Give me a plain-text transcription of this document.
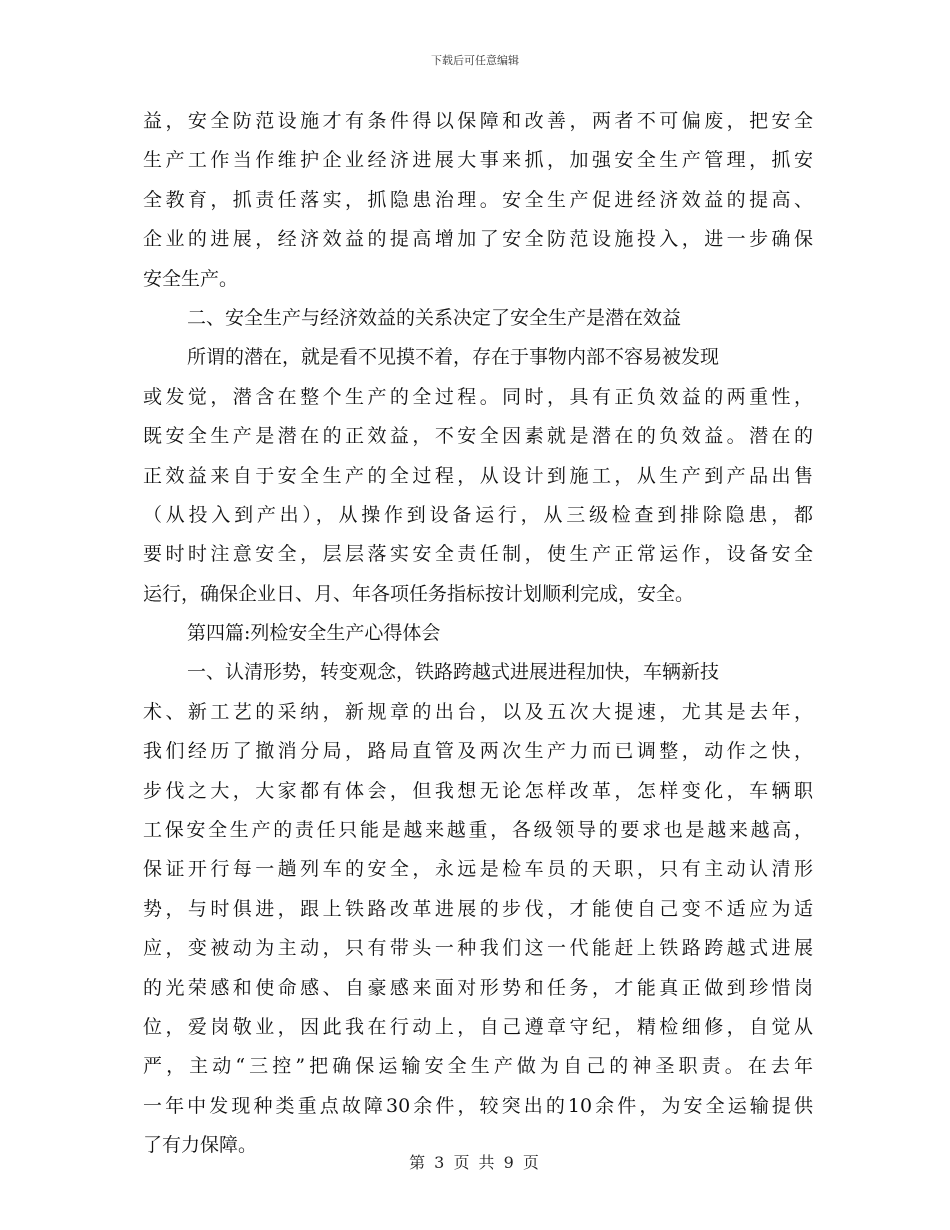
下载后可任意编辑
益，安全防范设施才有条件得以保障和改善，两者不可偏废，把安全
生产工作当作维护企业经济进展大事来抓，加强安全生产管理，抓安
全教育，抓责任落实，抓隐患治理。安全生产促进经济效益的提高、
企业的进展，经济效益的提高增加了安全防范设施投入，进一步确保
安全生产。
二、安全生产与经济效益的关系决定了安全生产是潜在效益
所谓的潜在，就是看不见摸不着，存在于事物内部不容易被发现
或发觉，潜含在整个生产的全过程。同时，具有正负效益的两重性，
既安全生产是潜在的正效益，不安全因素就是潜在的负效益。潜在的
正效益来自于安全生产的全过程，从设计到施工，从生产到产品出售
（从投入到产出），从操作到设备运行，从三级检查到排除隐患，都
要时时注意安全，层层落实安全责任制，使生产正常运作，设备安全
运行，确保企业日、月、年各项任务指标按计划顺利完成，安全。
第四篇:列检安全生产心得体会
一、认清形势，转变观念，铁路跨越式进展进程加快，车辆新技
术、新工艺的采纳，新规章的出台，以及五次大提速，尤其是去年，
我们经历了撤消分局，路局直管及两次生产力而已调整，动作之快，
步伐之大，大家都有体会，但我想无论怎样改革，怎样变化，车辆职
工保安全生产的责任只能是越来越重，各级领导的要求也是越来越高，
保证开行每一趟列车的安全，永远是检车员的天职，只有主动认清形
势，与时俱进，跟上铁路改革进展的步伐，才能使自己变不适应为适
应，变被动为主动，只有带头一种我们这一代能赶上铁路跨越式进展
的光荣感和使命感、自豪感来面对形势和任务，才能真正做到珍惜岗
位，爱岗敬业，因此我在行动上，自己遵章守纪，精检细修，自觉从
严，主动“三控”把确保运输安全生产做为自己的神圣职责。在去年
一年中发现种类重点故障30余件，较突出的10余件，为安全运输提供
了有力保障。
第 3 页 共 9 页
